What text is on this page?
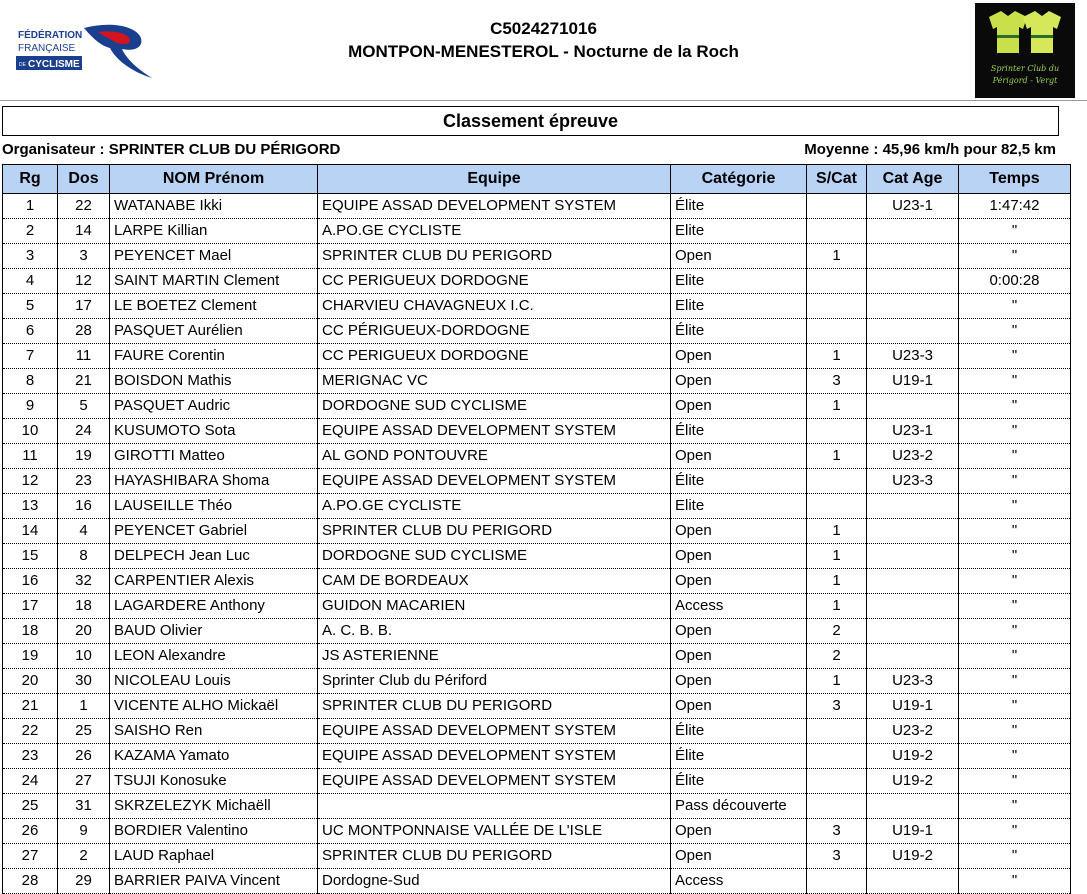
FÉDÉRATION
FRANÇAISE
DE CYCLISME
C5024271016
MONTPON-MENESTEROL - Nocturne de la Roch
Sprinter Club du
Périgord - Vergt
Classement épreuve
Organisateur : SPRINTER CLUB DU PÉRIGORD	Moyenne : 45,96 km/h pour 82,5 km
Rg	Dos	NOM Prénom	Equipe	Catégorie	S/Cat	Cat Age	Temps
1	22	WATANABE Ikki	EQUIPE ASSAD DEVELOPMENT SYSTEM	Élite		U23-1	1:47:42
2	14	LARPE Killian	A.PO.GE CYCLISTE	Elite			"
3	3	PEYENCET Mael	SPRINTER CLUB DU PERIGORD	Open	1		"
4	12	SAINT MARTIN Clement	CC PERIGUEUX DORDOGNE	Elite			0:00:28
5	17	LE BOETEZ Clement	CHARVIEU CHAVAGNEUX I.C.	Elite			"
6	28	PASQUET Aurélien	CC PÉRIGUEUX-DORDOGNE	Élite			"
7	11	FAURE Corentin	CC PERIGUEUX DORDOGNE	Open	1	U23-3	"
8	21	BOISDON Mathis	MERIGNAC VC	Open	3	U19-1	"
9	5	PASQUET Audric	DORDOGNE SUD CYCLISME	Open	1		"
10	24	KUSUMOTO Sota	EQUIPE ASSAD DEVELOPMENT SYSTEM	Élite		U23-1	"
11	19	GIROTTI Matteo	AL GOND PONTOUVRE	Open	1	U23-2	"
12	23	HAYASHIBARA Shoma	EQUIPE ASSAD DEVELOPMENT SYSTEM	Élite		U23-3	"
13	16	LAUSEILLE Théo	A.PO.GE CYCLISTE	Elite			"
14	4	PEYENCET Gabriel	SPRINTER CLUB DU PERIGORD	Open	1		"
15	8	DELPECH Jean Luc	DORDOGNE SUD CYCLISME	Open	1		"
16	32	CARPENTIER Alexis	CAM DE BORDEAUX	Open	1		"
17	18	LAGARDERE Anthony	GUIDON MACARIEN	Access	1		"
18	20	BAUD Olivier	A. C. B. B.	Open	2		"
19	10	LEON Alexandre	JS ASTERIENNE	Open	2		"
20	30	NICOLEAU Louis	Sprinter Club du Périford	Open	1	U23-3	"
21	1	VICENTE ALHO Mickaël	SPRINTER CLUB DU PERIGORD	Open	3	U19-1	"
22	25	SAISHO Ren	EQUIPE ASSAD DEVELOPMENT SYSTEM	Élite		U23-2	"
23	26	KAZAMA Yamato	EQUIPE ASSAD DEVELOPMENT SYSTEM	Élite		U19-2	"
24	27	TSUJI Konosuke	EQUIPE ASSAD DEVELOPMENT SYSTEM	Élite		U19-2	"
25	31	SKRZELEZYK Michaëll		Pass découverte			"
26	9	BORDIER Valentino	UC MONTPONNAISE VALLÉE DE L'ISLE	Open	3	U19-1	"
27	2	LAUD Raphael	SPRINTER CLUB DU PERIGORD	Open	3	U19-2	"
28	29	BARRIER PAIVA Vincent	Dordogne-Sud	Access			"
